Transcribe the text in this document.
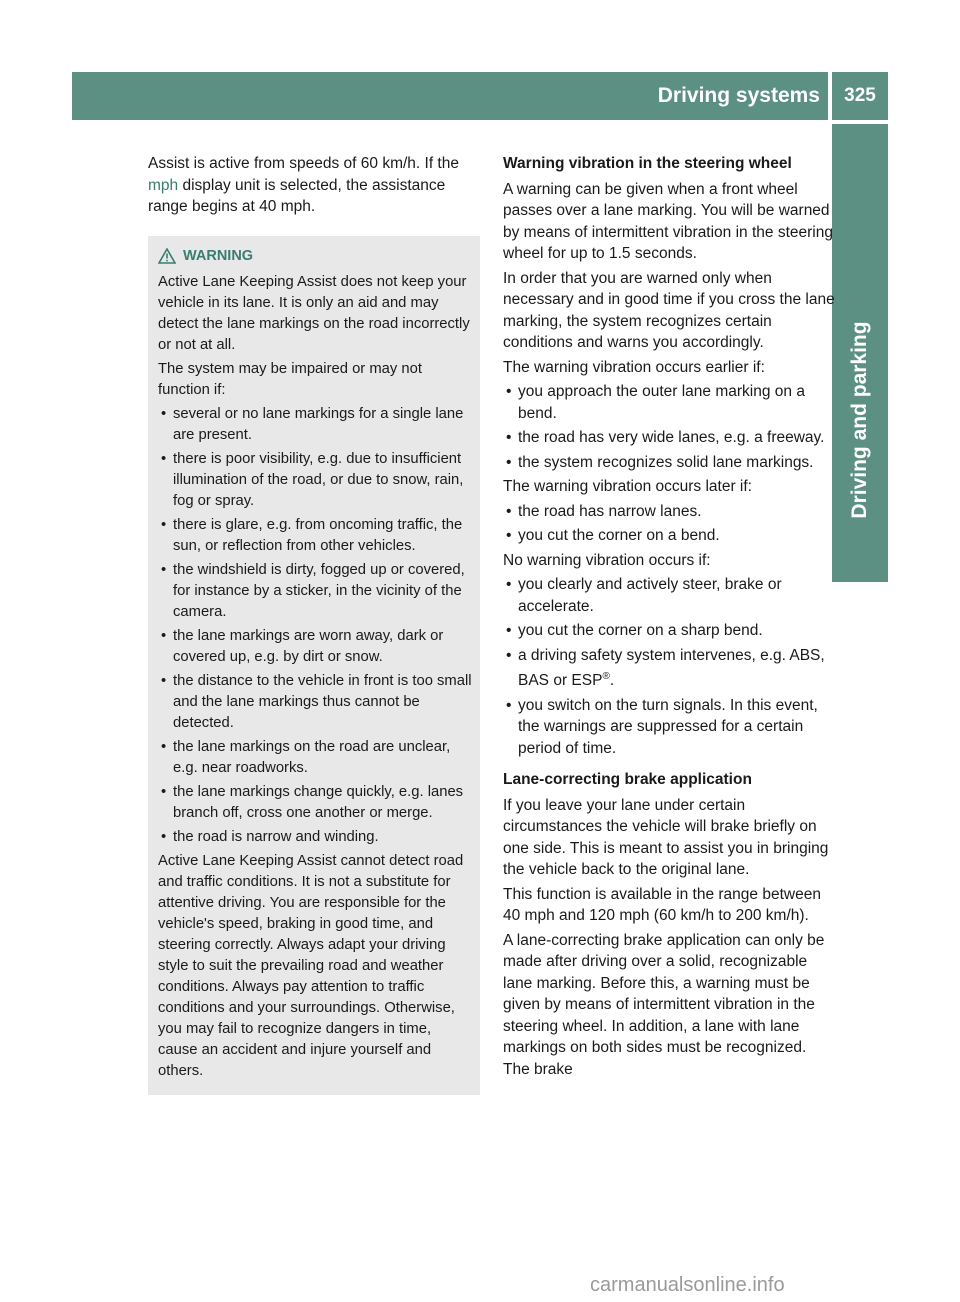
Driving systems	325
Driving and parking

Assist is active from speeds of 60 km/h. If the mph display unit is selected, the assistance range begins at 40 mph.

WARNING

Active Lane Keeping Assist does not keep your vehicle in its lane. It is only an aid and may detect the lane markings on the road incorrectly or not at all.

The system may be impaired or may not function if:

• several or no lane markings for a single lane are present.
• there is poor visibility, e.g. due to insufficient illumination of the road, or due to snow, rain, fog or spray.
• there is glare, e.g. from oncoming traffic, the sun, or reflection from other vehicles.
• the windshield is dirty, fogged up or covered, for instance by a sticker, in the vicinity of the camera.
• the lane markings are worn away, dark or covered up, e.g. by dirt or snow.
• the distance to the vehicle in front is too small and the lane markings thus cannot be detected.
• the lane markings on the road are unclear, e.g. near roadworks.
• the lane markings change quickly, e.g. lanes branch off, cross one another or merge.
• the road is narrow and winding.

Active Lane Keeping Assist cannot detect road and traffic conditions. It is not a substitute for attentive driving. You are responsible for the vehicle's speed, braking in good time, and steering correctly. Always adapt your driving style to suit the prevailing road and weather conditions. Always pay attention to traffic conditions and your surroundings. Otherwise, you may fail to recognize dangers in time, cause an accident and injure yourself and others.

Warning vibration in the steering wheel

A warning can be given when a front wheel passes over a lane marking. You will be warned by means of intermittent vibration in the steering wheel for up to 1.5 seconds.

In order that you are warned only when necessary and in good time if you cross the lane marking, the system recognizes certain conditions and warns you accordingly.

The warning vibration occurs earlier if:

• you approach the outer lane marking on a bend.
• the road has very wide lanes, e.g. a freeway.
• the system recognizes solid lane markings.

The warning vibration occurs later if:

• the road has narrow lanes.
• you cut the corner on a bend.

No warning vibration occurs if:

• you clearly and actively steer, brake or accelerate.
• you cut the corner on a sharp bend.
• a driving safety system intervenes, e.g. ABS, BAS or ESP®.
• you switch on the turn signals. In this event, the warnings are suppressed for a certain period of time.

Lane-correcting brake application

If you leave your lane under certain circumstances the vehicle will brake briefly on one side. This is meant to assist you in bringing the vehicle back to the original lane.

This function is available in the range between 40 mph and 120 mph (60 km/h to 200 km/h).

A lane-correcting brake application can only be made after driving over a solid, recognizable lane marking. Before this, a warning must be given by means of intermittent vibration in the steering wheel. In addition, a lane with lane markings on both sides must be recognized. The brake

carmanualsonline.info
